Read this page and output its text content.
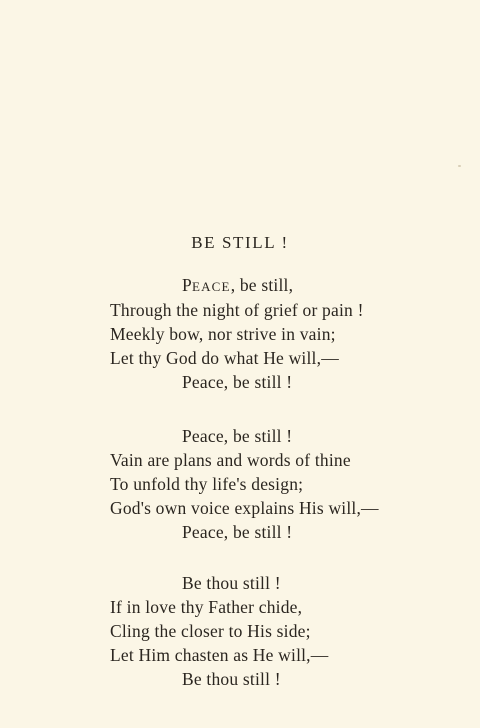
BE STILL !
PEACE, be still,
Through the night of grief or pain !
Meekly bow, nor strive in vain;
Let thy God do what He will,—
Peace, be still !
Peace, be still !
Vain are plans and words of thine
To unfold thy life's design;
God's own voice explains His will,—
Peace, be still !
Be thou still !
If in love thy Father chide,
Cling the closer to His side;
Let Him chasten as He will,—
Be thou still !
